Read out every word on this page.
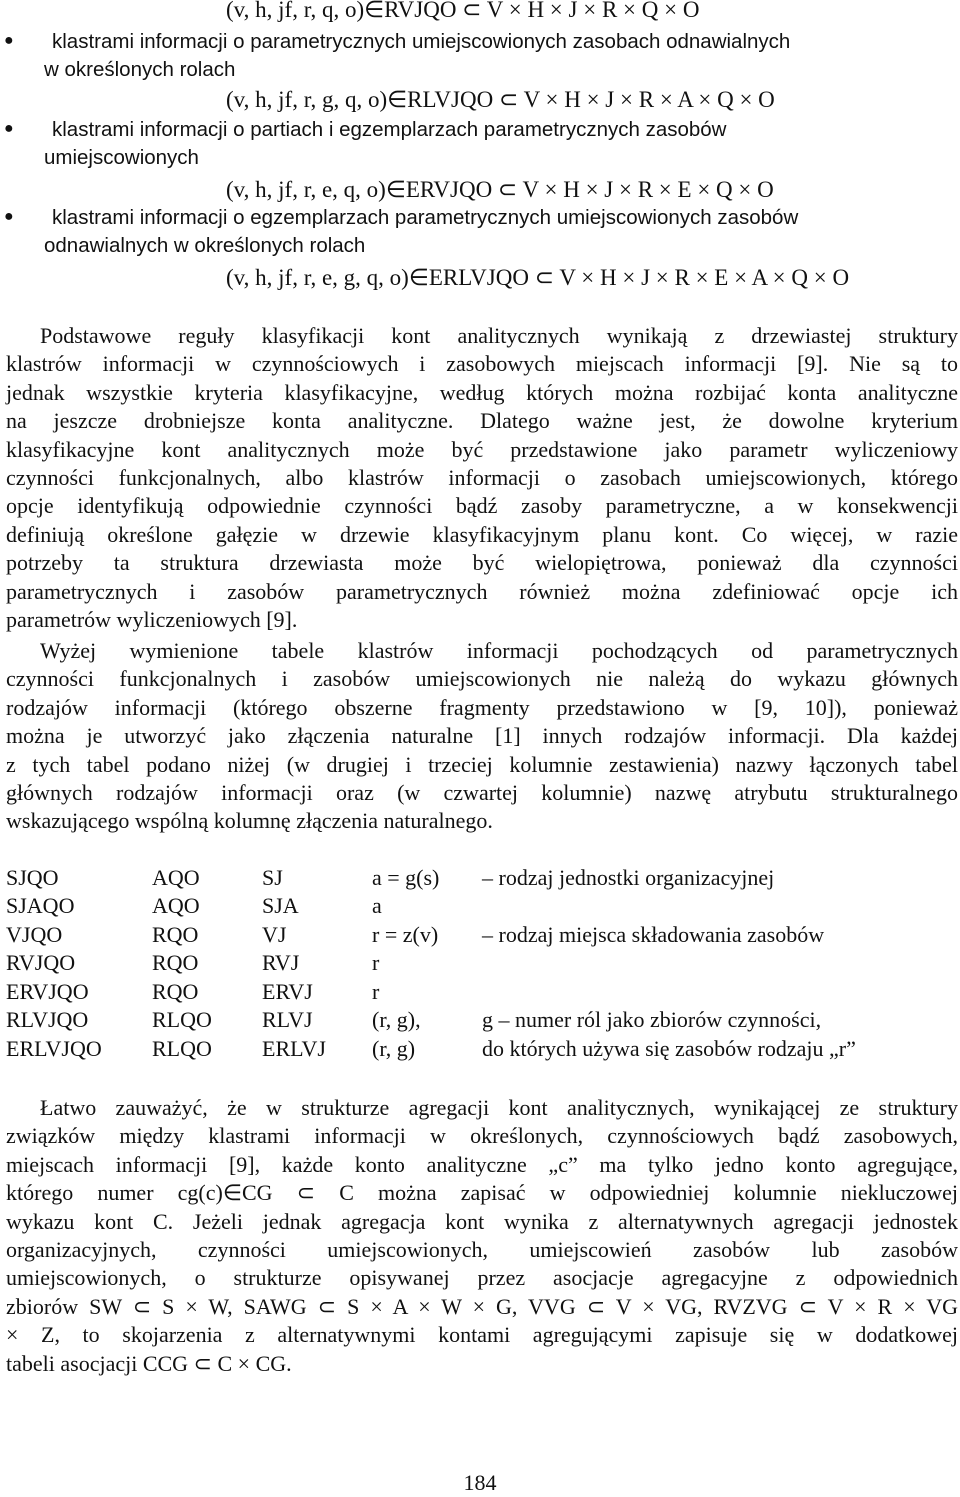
(v, h, jf, r, q, o)∈RVJQO ⊂ V × H × J × R × Q × O
● klastrami informacji o parametrycznych umiejscowionych zasobach odnawialnych
w określonych rolach
(v, h, jf, r, g, q, o)∈RLVJQO ⊂ V × H × J × R × A × Q × O
● klastrami informacji o partiach i egzemplarzach parametrycznych zasobów
umiejscowionych
(v, h, jf, r, e, q, o)∈ERVJQO ⊂ V × H × J × R × E × Q × O
● klastrami informacji o egzemplarzach parametrycznych umiejscowionych zasobów
odnawialnych w określonych rolach
(v, h, jf, r, e, g, q, o)∈ERLVJQO ⊂ V × H × J × R × E × A × Q × O
Podstawowe reguły klasyfikacji kont analitycznych wynikają z drzewiastej struktury
klastrów informacji w czynnościowych i zasobowych miejscach informacji [9]. Nie są to
jednak wszystkie kryteria klasyfikacyjne, według których można rozbijać konta analityczne
na jeszcze drobniejsze konta analityczne. Dlatego ważne jest, że dowolne kryterium
klasyfikacyjne kont analitycznych może być przedstawione jako parametr wyliczeniowy
czynności funkcjonalnych, albo klastrów informacji o zasobach umiejscowionych, którego
opcje identyfikują odpowiednie czynności bądź zasoby parametryczne, a w konsekwencji
definiują określone gałęzie w drzewie klasyfikacyjnym planu kont. Co więcej, w razie
potrzeby ta struktura drzewiasta może być wielopiętrowa, ponieważ dla czynności
parametrycznych i zasobów parametrycznych również można zdefiniować opcje ich
parametrów wyliczeniowych [9].
Wyżej wymienione tabele klastrów informacji pochodzących od parametrycznych
czynności funkcjonalnych i zasobów umiejscowionych nie należą do wykazu głównych
rodzajów informacji (którego obszerne fragmenty przedstawiono w [9, 10]), ponieważ
można je utworzyć jako złączenia naturalne [1] innych rodzajów informacji. Dla każdej
z tych tabel podano niżej (w drugiej i trzeciej kolumnie zestawienia) nazwy łączonych tabel
głównych rodzajów informacji oraz (w czwartej kolumnie) nazwę atrybutu strukturalnego
wskazującego wspólną kolumnę złączenia naturalnego.
SJQO	AQO	SJ	a = g(s) – rodzaj jednostki organizacyjnej
SJAQO	AQO	SJA	a
VJQO	RQO	VJ	r = z(v) – rodzaj miejsca składowania zasobów
RVJQO	RQO	RVJ	r
ERVJQO	RQO	ERVJ	r
RLVJQO	RLQO RLVJ	(r, g),	g – numer ról jako zbiorów czynności,
ERLVJQO RLQO ERLVJ (r, g)	do których używa się zasobów rodzaju „r”
Łatwo zauważyć, że w strukturze agregacji kont analitycznych, wynikającej ze struktury
związków między klastrami informacji w określonych, czynnościowych bądź zasobowych,
miejscach informacji [9], każde konto analityczne „c” ma tylko jedno konto agregujące,
którego numer cg(c)∈CG ⊂ C można zapisać w odpowiedniej kolumnie niekluczowej
wykazu kont C. Jeżeli jednak agregacja kont wynika z alternatywnych agregacji jednostek
organizacyjnych, czynności umiejscowionych, umiejscowień zasobów lub zasobów
umiejscowionych, o strukturze opisywanej przez asocjacje agregacyjne z odpowiednich
zbiorów SW ⊂ S × W, SAWG ⊂ S × A × W × G, VVG ⊂ V × VG, RVZVG ⊂ V × R × VG
× Z, to skojarzenia z alternatywnymi kontami agregującymi zapisuje się w dodatkowej
tabeli asocjacji CCG ⊂ C × CG.
184
